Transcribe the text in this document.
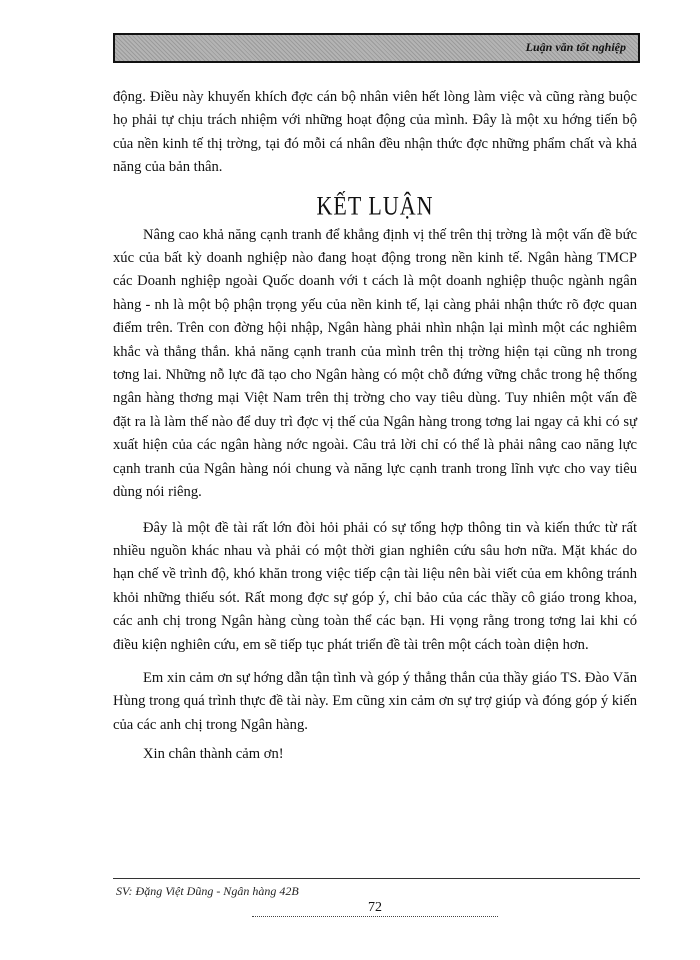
Luận văn tốt nghiệp

động. Điều này khuyến khích đợc cán bộ nhân viên hết lòng làm việc và cũng ràng buộc họ phải tự chịu trách nhiệm với những hoạt động của mình. Đây là một xu hớng tiến bộ của nền kinh tế thị trờng, tại đó mỗi cá nhân đều nhận thức đợc những phẩm chất và khả năng của bản thân.

KẾT LUẬN

Nâng cao khả năng cạnh tranh để khẳng định vị thế trên thị trờng là một vấn đề bức xúc của bất kỳ doanh nghiệp nào đang hoạt động trong nền kinh tế. Ngân hàng TMCP các Doanh nghiệp ngoài Quốc doanh với t cách là một doanh nghiệp thuộc ngành ngân hàng - nh là một bộ phận trọng yếu của nền kinh tế, lại càng phải nhận thức rõ đợc quan điểm trên. Trên con đờng hội nhập, Ngân hàng phải nhìn nhận lại mình một các nghiêm khắc và thẳng thắn. khả năng cạnh tranh của mình trên thị trờng hiện tại cũng nh trong tơng lai. Những nỗ lực đã tạo cho Ngân hàng có một chỗ đứng vững chắc trong hệ thống ngân hàng thơng mại Việt Nam trên thị trờng cho vay tiêu dùng. Tuy nhiên một vấn đề đặt ra là làm thế nào để duy trì đợc vị thế của Ngân hàng trong tơng lai ngay cả khi có sự xuất hiện của các ngân hàng nớc ngoài. Câu trả lời chỉ có thể là phải nâng cao năng lực cạnh tranh của Ngân hàng nói chung và năng lực cạnh tranh trong lĩnh vực cho vay tiêu dùng nói riêng.

Đây là một đề tài rất lớn đòi hỏi phải có sự tổng hợp thông tin và kiến thức từ rất nhiều nguồn khác nhau và phải có một thời gian nghiên cứu sâu hơn nữa. Mặt khác do hạn chế về trình độ, khó khăn trong việc tiếp cận tài liệu nên bài viết của em không tránh khỏi những thiếu sót. Rất mong đợc sự góp ý, chỉ bảo của các thầy cô giáo trong khoa, các anh chị trong Ngân hàng cùng toàn thể các bạn. Hi vọng rằng trong tơng lai khi có điều kiện nghiên cứu, em sẽ tiếp tục phát triển đề tài trên một cách toàn diện hơn.

Em xin cảm ơn sự hớng dẫn tận tình và góp ý thẳng thắn của thầy giáo TS. Đào Văn Hùng trong quá trình thực đề tài này. Em cũng xin cảm ơn sự trợ giúp và đóng góp ý kiến của các anh chị trong Ngân hàng.

Xin chân thành cảm ơn!

SV: Đặng Việt Dũng - Ngân hàng 42B
72
